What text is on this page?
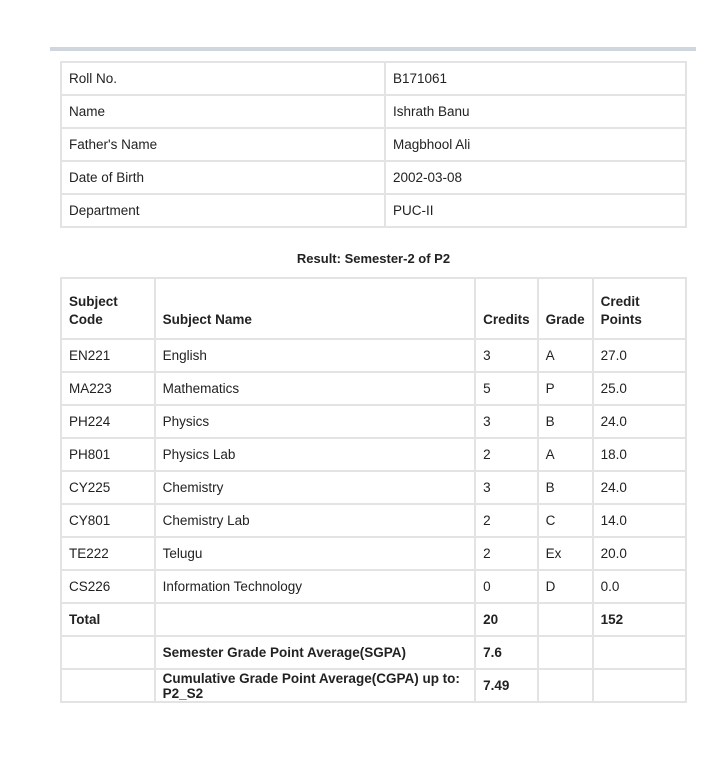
Roll No.	B171061
Name	Ishrath Banu
Father's Name	Magbhool Ali
Date of Birth	2002-03-08
Department	PUC-II
Result: Semester-2 of P2
Subject
Code	Subject Name	Credits	Grade	Credit Points
EN221	English	3	A	27.0
MA223	Mathematics	5	P	25.0
PH224	Physics	3	B	24.0
PH801	Physics Lab	2	A	18.0
CY225	Chemistry	3	B	24.0
CY801	Chemistry Lab	2	C	14.0
TE222	Telugu	2	Ex	20.0
CS226	Information Technology	0	D	0.0
Total		20		152
	Semester Grade Point Average(SGPA)	7.6		
	Cumulative Grade Point Average(CGPA) up to: P2_S2	7.49		
